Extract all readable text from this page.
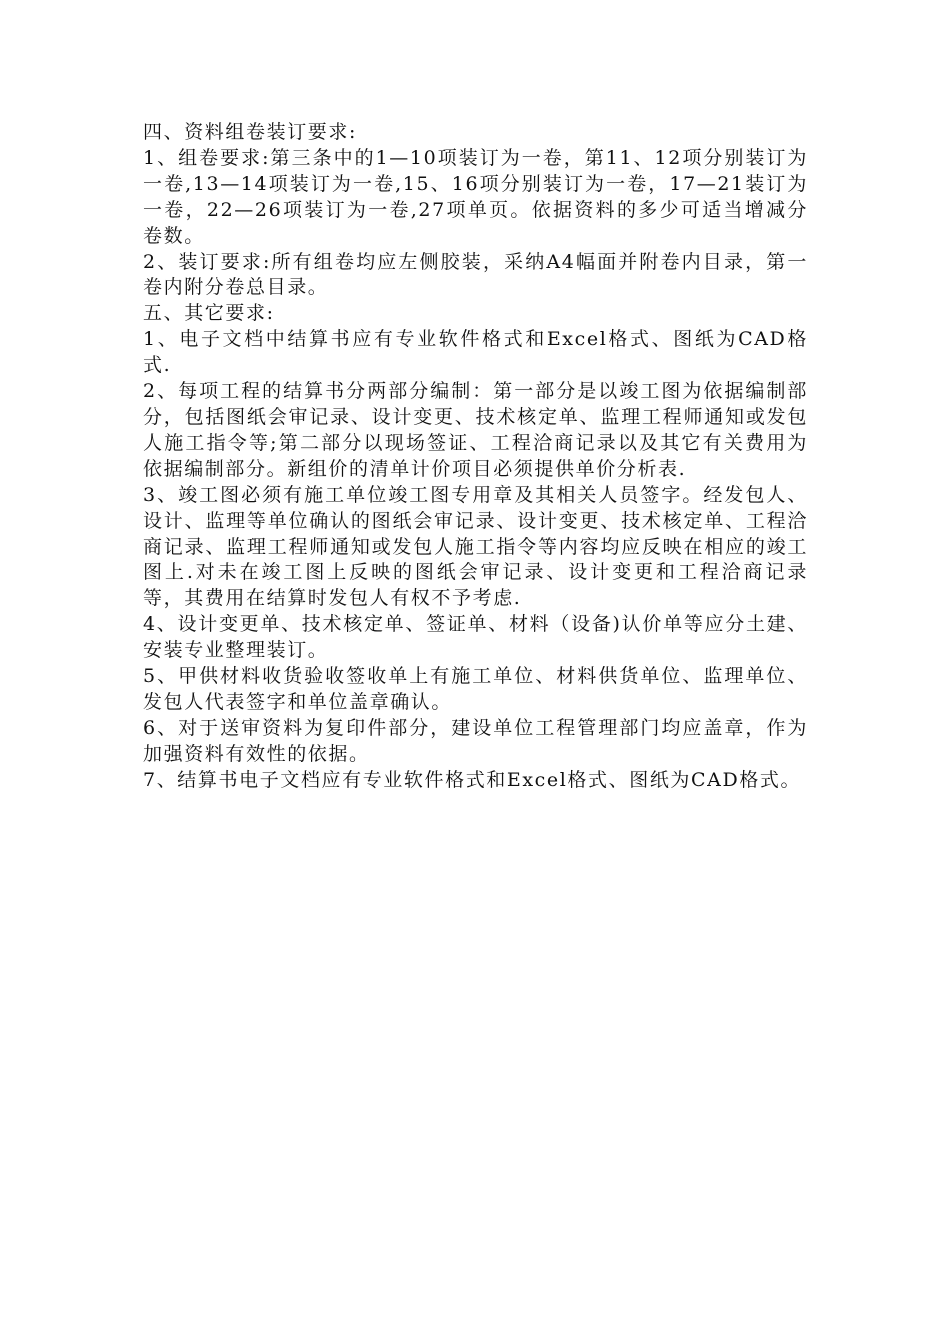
四、资料组卷装订要求:

1、组卷要求:第三条中的1—10项装订为一卷，第11、12项分别装订为一卷,13—14项装订为一卷,15、16项分别装订为一卷，17—21装订为一卷，22—26项装订为一卷,27项单页。依据资料的多少可适当增减分卷数。

2、装订要求:所有组卷均应左侧胶装，采纳A4幅面并附卷内目录，第一卷内附分卷总目录。

五、其它要求:

1、电子文档中结算书应有专业软件格式和Excel格式、图纸为CAD格式.

2、每项工程的结算书分两部分编制：第一部分是以竣工图为依据编制部分，包括图纸会审记录、设计变更、技术核定单、监理工程师通知或发包人施工指令等;第二部分以现场签证、工程洽商记录以及其它有关费用为依据编制部分。新组价的清单计价项目必须提供单价分析表.

3、竣工图必须有施工单位竣工图专用章及其相关人员签字。经发包人、设计、监理等单位确认的图纸会审记录、设计变更、技术核定单、工程洽商记录、监理工程师通知或发包人施工指令等内容均应反映在相应的竣工图上.对未在竣工图上反映的图纸会审记录、设计变更和工程洽商记录等，其费用在结算时发包人有权不予考虑.

4、设计变更单、技术核定单、签证单、材料（设备)认价单等应分土建、安装专业整理装订。

5、甲供材料收货验收签收单上有施工单位、材料供货单位、监理单位、发包人代表签字和单位盖章确认。

6、对于送审资料为复印件部分，建设单位工程管理部门均应盖章，作为加强资料有效性的依据。

7、结算书电子文档应有专业软件格式和Excel格式、图纸为CAD格式。
